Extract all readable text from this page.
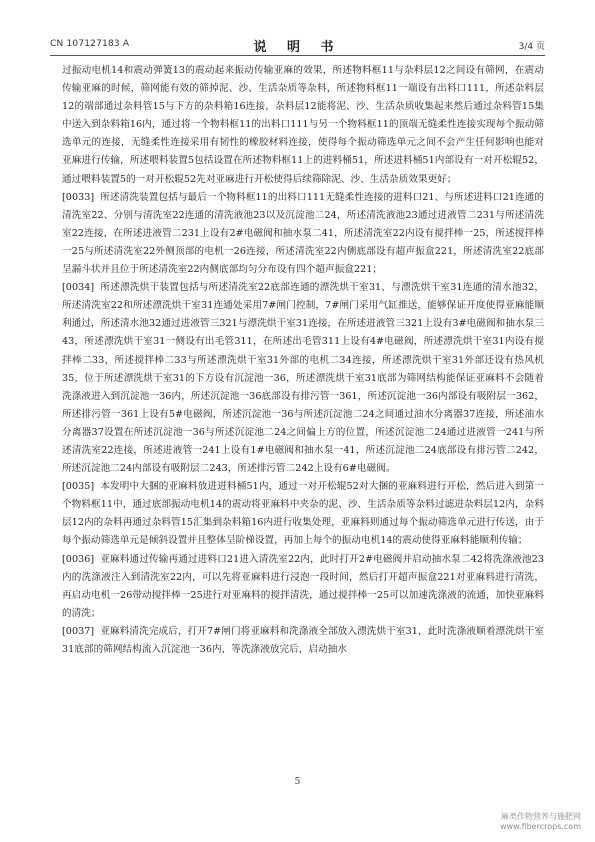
CN 107127183 A	说 明 书	3/4 页

过振动电机14和震动弹簧13的震动起来振动传输亚麻的效果，所述物料框11与杂料层12之间设有筛网，在震动传输亚麻的时候，筛网能有效的筛掉泥、沙、生活杂质等杂料，所述物料框11一端设有出料口111，所述杂料层12的端部通过杂料管15与下方的杂料箱16连接，杂料层12能将泥、沙、生活杂质收集起来然后通过杂料管15集中送入到杂料箱16内，通过将一个物料框11的出料口111与另一个物料框11的顶端无缝柔性连接实现每个振动筛选单元的连接，无缝柔性连接采用有韧性的橡胶材料连接，使得每个振动筛选单元之间不会产生任何影响也能对亚麻进行传输，所述喂料装置5包括设置在所述物料框11上的进料桶51，所述进料桶51内部设有一对开松辊52，通过喂料装置5的一对开松辊52先对亚麻进行开松使得后续筛除泥、沙、生活杂质效果更好；

[0033] 所述清洗装置包括与最后一个物料框11的出料口111无缝柔性连接的进料口21、与所述进料口21连通的清洗室22、分别与清洗室22连通的清洗液池23以及沉淀池二24，所述清洗液池23通过进液管二231与所述清洗室22连接，在所述进液管二231上设有2#电磁阀和抽水泵二41，所述清洗室22内设有搅拌棒一25，所述搅拌棒一25与所述清洗室22外侧顶部的电机一26连接，所述清洗室22内侧底部设有超声振盒221，所述清洗室22底部呈漏斗状并且位于所述清洗室22内侧底部均匀分布设有四个超声振盒221；

[0034] 所述漂洗烘干装置包括与所述清洗室22底部连通的漂洗烘干室31、与漂洗烘干室31连通的清水池32，所述清洗室22和所述漂洗烘干室31连通处采用7#闸门控制，7#闸门采用气缸推送，能够保证开度使得亚麻能顺利通过，所述清水池32通过进液管三321与漂洗烘干室31连接，在所述进液管三321上设有3#电磁阀和抽水泵三43，所述漂洗烘干室31一侧设有出毛管311，在所述出毛管311上设有4#电磁阀，所述漂洗烘干室31内设有搅拌棒二33，所述搅拌棒二33与所述漂洗烘干室31外部的电机二34连接，所述漂洗烘干室31外部还设有热风机35，位于所述漂洗烘干室31的下方设有沉淀池一36，所述漂洗烘干室31底部为筛网结构能保证亚麻料不会随着洗涤液进入到沉淀池一36内，所述沉淀池一36底部设有排污管一361，所述沉淀池一36内部设有吸附层一362，所述排污管一361上设有5#电磁阀，所述沉淀池一36与所述沉淀池二24之间通过油水分离器37连接，所述油水分离器37设置在所述沉淀池一36与所述沉淀池二24之间偏上方的位置，所述沉淀池二24通过进液管一241与所述清洗室22连接，所述进液管一241上设有1#电磁阀和抽水泵一41，所述沉淀池二24底部设有排污管二242，所述沉淀池二24内部设有吸附层二243，所述排污管二242上设有6#电磁阀。

[0035] 本发明中大捆的亚麻料放进进料桶51内，通过一对开松辊52对大捆的亚麻料进行开松，然后进入到第一个物料框11中，通过底部振动电机14的震动将亚麻料中夹杂的泥、沙、生活杂质等杂料过滤进杂料层12内，杂料层12内的杂料再通过杂料管15汇集到杂料箱16内进行收集处理，亚麻料则通过每个振动筛选单元进行传送，由于每个振动筛选单元是倾斜设置并且整体呈阶梯设置，再加上每个的振动电机14的震动使得亚麻料能顺利传输；

[0036] 亚麻料通过传输再通过进料口21进入清洗室22内，此时打开2#电磁阀并启动抽水泵二42将洗涤液池23内的洗涤液注入到清洗室22内，可以先将亚麻料进行浸泡一段时间，然后打开超声振盒221对亚麻料进行清洗，再启动电机一26带动搅拌棒一25进行对亚麻料的搅拌清洗，通过搅拌棒一25可以加速洗涤液的流通，加快亚麻料的清洗；

[0037] 亚麻料清洗完成后，打开7#闸门将亚麻料和洗涤液全部放入漂洗烘干室31，此时洗涤液顺着漂洗烘干室31底部的筛网结构流入沉淀池一36内，等洗涤液放完后，启动抽水

5
麻类作物营养与施肥网
www.fibercrops.com
